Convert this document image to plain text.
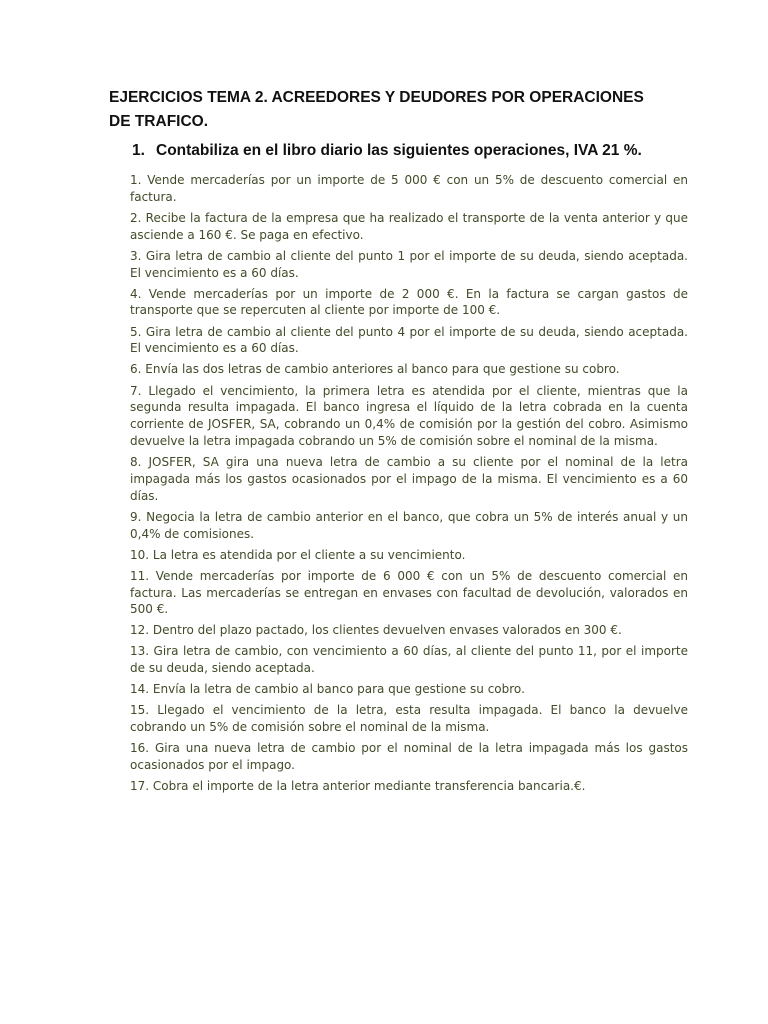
EJERCICIOS TEMA 2. ACREEDORES Y DEUDORES POR OPERACIONES DE TRAFICO.

1. Contabiliza en el libro diario las siguientes operaciones, IVA 21 %.

1. Vende mercaderías por un importe de 5 000 € con un 5% de descuento comercial en factura.
2. Recibe la factura de la empresa que ha realizado el transporte de la venta anterior y que asciende a 160 €. Se paga en efectivo.
3. Gira letra de cambio al cliente del punto 1 por el importe de su deuda, siendo aceptada. El vencimiento es a 60 días.
4. Vende mercaderías por un importe de 2 000 €. En la factura se cargan gastos de transporte que se repercuten al cliente por importe de 100 €.
5. Gira letra de cambio al cliente del punto 4 por el importe de su deuda, siendo aceptada. El vencimiento es a 60 días.
6. Envía las dos letras de cambio anteriores al banco para que gestione su cobro.
7. Llegado el vencimiento, la primera letra es atendida por el cliente, mientras que la segunda resulta impagada. El banco ingresa el líquido de la letra cobrada en la cuenta corriente de JOSFER, SA, cobrando un 0,4% de comisión por la gestión del cobro. Asimismo devuelve la letra impagada cobrando un 5% de comisión sobre el nominal de la misma.
8. JOSFER, SA gira una nueva letra de cambio a su cliente por el nominal de la letra impagada más los gastos ocasionados por el impago de la misma. El vencimiento es a 60 días.
9. Negocia la letra de cambio anterior en el banco, que cobra un 5% de interés anual y un 0,4% de comisiones.
10. La letra es atendida por el cliente a su vencimiento.
11. Vende mercaderías por importe de 6 000 € con un 5% de descuento comercial en factura. Las mercaderías se entregan en envases con facultad de devolución, valorados en 500 €.
12. Dentro del plazo pactado, los clientes devuelven envases valorados en 300 €.
13. Gira letra de cambio, con vencimiento a 60 días, al cliente del punto 11, por el importe de su deuda, siendo aceptada.
14. Envía la letra de cambio al banco para que gestione su cobro.
15. Llegado el vencimiento de la letra, esta resulta impagada. El banco la devuelve cobrando un 5% de comisión sobre el nominal de la misma.
16. Gira una nueva letra de cambio por el nominal de la letra impagada más los gastos ocasionados por el impago.
17. Cobra el importe de la letra anterior mediante transferencia bancaria.€.
